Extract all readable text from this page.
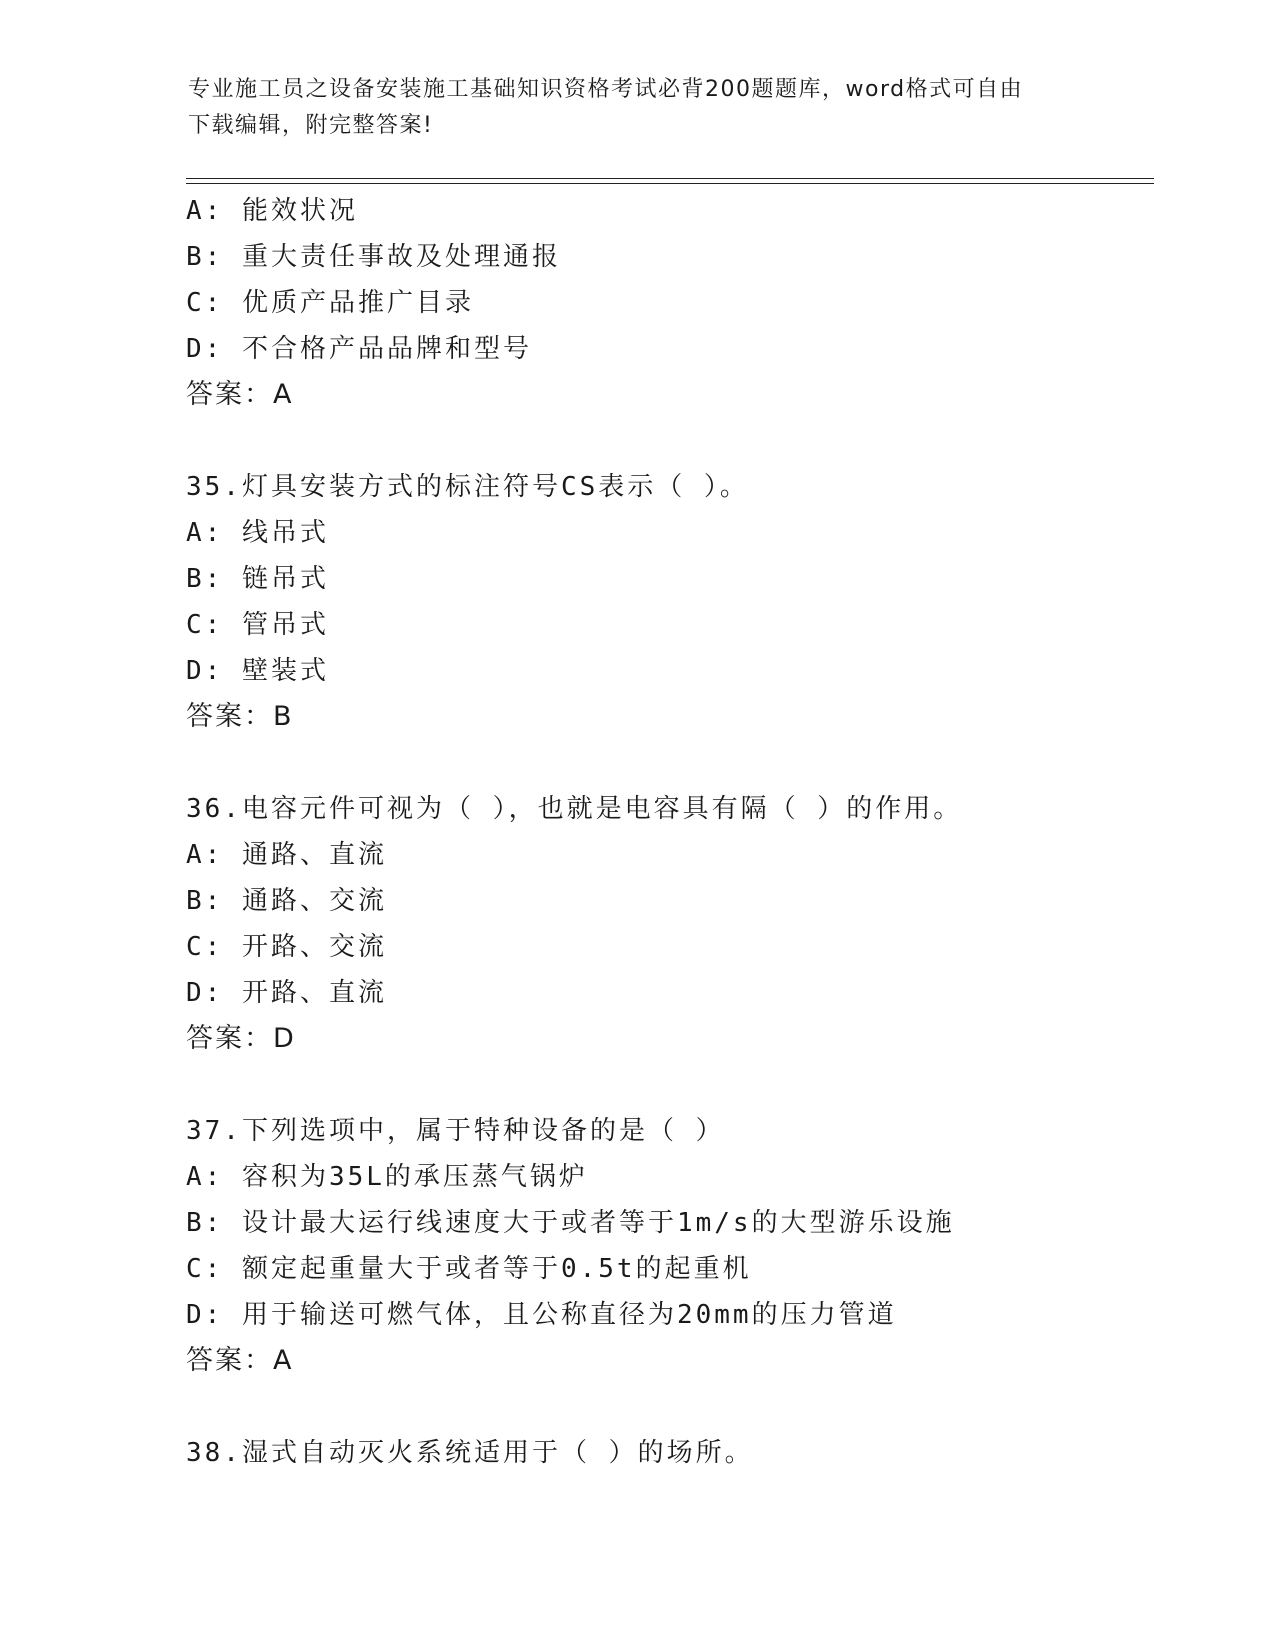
专业施工员之设备安装施工基础知识资格考试必背200题题库，word格式可自由
下载编辑，附完整答案!
A: 能效状况
B: 重大责任事故及处理通报
C: 优质产品推广目录
D: 不合格产品品牌和型号
答案：A
35.灯具安装方式的标注符号CS表示（ ）。
A: 线吊式
B: 链吊式
C: 管吊式
D: 壁装式
答案：B
36.电容元件可视为（ ），也就是电容具有隔（ ）的作用。
A: 通路、直流
B: 通路、交流
C: 开路、交流
D: 开路、直流
答案：D
37.下列选项中，属于特种设备的是（ ）
A: 容积为35L的承压蒸气锅炉
B: 设计最大运行线速度大于或者等于1m/s的大型游乐设施
C: 额定起重量大于或者等于0.5t的起重机
D: 用于输送可燃气体，且公称直径为20mm的压力管道
答案：A
38.湿式自动灭火系统适用于（ ）的场所。
